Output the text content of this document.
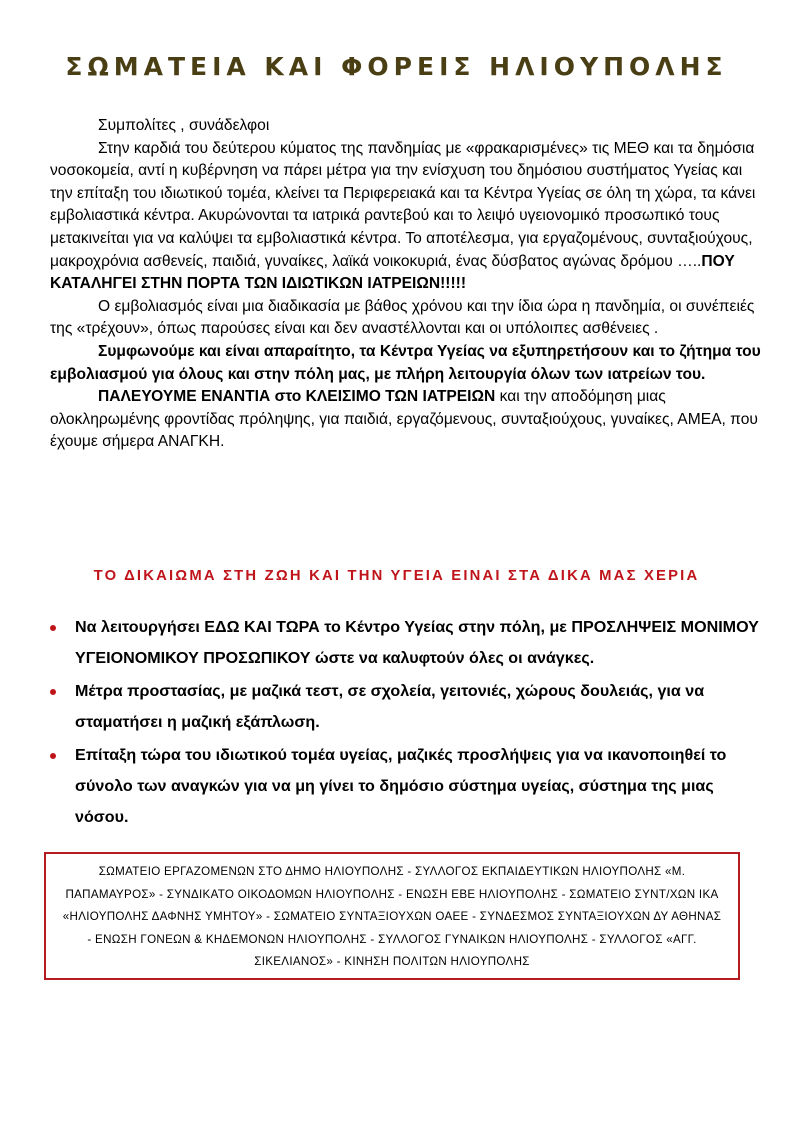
ΣΩΜΑΤΕΙΑ ΚΑΙ ΦΟΡΕΙΣ ΗΛΙΟΥΠΟΛΗΣ

Συμπολίτες , συνάδελφοι

Στην καρδιά του δεύτερου κύματος της πανδημίας με «φρακαρισμένες» τις ΜΕΘ και τα δημόσια νοσοκομεία, αντί η κυβέρνηση να πάρει μέτρα για την ενίσχυση του δημόσιου συστήματος Υγείας και την επίταξη του ιδιωτικού τομέα, κλείνει τα Περιφερειακά και τα Κέντρα Υγείας σε όλη τη χώρα, τα κάνει εμβολιαστικά κέντρα. Ακυρώνονται τα ιατρικά ραντεβού και το λειψό υγειονομικό προσωπικό τους μετακινείται για να καλύψει τα εμβολιαστικά κέντρα. Το αποτέλεσμα, για εργαζομένους, συνταξιούχους, μακροχρόνια ασθενείς, παιδιά, γυναίκες, λαϊκά νοικοκυριά, ένας δύσβατος αγώνας δρόμου …..ΠΟΥ ΚΑΤΑΛΗΓΕΙ ΣΤΗΝ ΠΟΡΤΑ ΤΩΝ ΙΔΙΩΤΙΚΩΝ ΙΑΤΡΕΙΩΝ!!!!!

Ο εμβολιασμός είναι μια διαδικασία με βάθος χρόνου και την ίδια ώρα η πανδημία, οι συνέπειές της «τρέχουν», όπως παρούσες είναι και δεν αναστέλλονται και οι υπόλοιπες ασθένειες .

Συμφωνούμε και είναι απαραίτητο, τα Κέντρα Υγείας να εξυπηρετήσουν και το ζήτημα του εμβολιασμού για όλους και στην πόλη μας, με πλήρη λειτουργία όλων των ιατρείων του.

ΠΑΛΕΥΟΥΜΕ ΕΝΑΝΤΙΑ στο ΚΛΕΙΣΙΜΟ ΤΩΝ ΙΑΤΡΕΙΩΝ και την αποδόμηση μιας ολοκληρωμένης φροντίδας πρόληψης, για παιδιά, εργαζόμενους, συνταξιούχους, γυναίκες, ΑΜΕΑ, που έχουμε σήμερα ΑΝΑΓΚΗ.

ΤΟ ΔΙΚΑΙΩΜΑ ΣΤΗ ΖΩΗ ΚΑΙ ΤΗΝ ΥΓΕΙΑ ΕΙΝΑΙ ΣΤΑ ΔΙΚΑ ΜΑΣ ΧΕΡΙΑ
Να λειτουργήσει ΕΔΩ ΚΑΙ ΤΩΡΑ το Κέντρο Υγείας στην πόλη, με ΠΡΟΣΛΗΨΕΙΣ ΜΟΝΙΜΟΥ ΥΓΕΙΟΝΟΜΙΚΟΥ ΠΡΟΣΩΠΙΚΟΥ ώστε να καλυφτούν όλες οι ανάγκες.
Μέτρα προστασίας, με μαζικά τεστ, σε σχολεία, γειτονιές, χώρους δουλειάς, για να σταματήσει η μαζική εξάπλωση.
Επίταξη τώρα του ιδιωτικού τομέα υγείας, μαζικές προσλήψεις για να ικανοποιηθεί το σύνολο των αναγκών για να μη γίνει το δημόσιο σύστημα υγείας, σύστημα της μιας νόσου.
ΣΩΜΑΤΕΙΟ ΕΡΓΑΖΟΜΕΝΩΝ ΣΤΟ ΔΗΜΟ ΗΛΙΟΥΠΟΛΗΣ - ΣΥΛΛΟΓΟΣ ΕΚΠΑΙΔΕΥΤΙΚΩΝ ΗΛΙΟΥΠΟΛΗΣ «Μ. ΠΑΠΑΜΑΥΡΟΣ» - ΣΥΝΔΙΚΑΤΟ ΟΙΚΟΔΟΜΩΝ ΗΛΙΟΥΠΟΛΗΣ - ΕΝΩΣΗ ΕΒΕ ΗΛΙΟΥΠΟΛΗΣ - ΣΩΜΑΤΕΙΟ ΣΥΝΤ/ΧΩΝ ΙΚΑ «ΗΛΙΟΥΠΟΛΗΣ ΔΑΦΝΗΣ ΥΜΗΤΟΥ» - ΣΩΜΑΤΕΙΟ ΣΥΝΤΑΞΙΟΥΧΩΝ ΟΑΕΕ - ΣΥΝΔΕΣΜΟΣ ΣΥΝΤΑΞΙΟΥΧΩΝ ΔΥ ΑΘΗΝΑΣ - ΕΝΩΣΗ ΓΟΝΕΩΝ & ΚΗΔΕΜΟΝΩΝ ΗΛΙΟΥΠΟΛΗΣ - ΣΥΛΛΟΓΟΣ ΓΥΝΑΙΚΩΝ ΗΛΙΟΥΠΟΛΗΣ - ΣΥΛΛΟΓΟΣ «ΑΓΓ. ΣΙΚΕΛΙΑΝΟΣ» - ΚΙΝΗΣΗ ΠΟΛΙΤΩΝ ΗΛΙΟΥΠΟΛΗΣ
